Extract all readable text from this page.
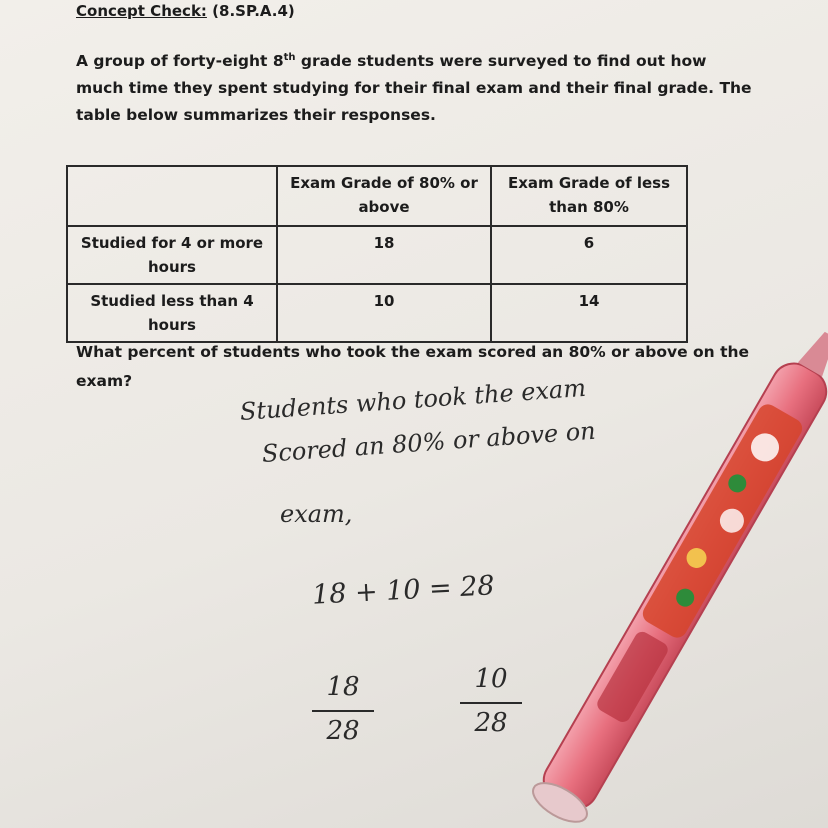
Concept Check: (8.SP.A.4)
A group of forty-eight 8th grade students were surveyed to find out how much time they spent studying for their final exam and their final grade. The table below summarizes their responses.
	Exam Grade of 80% or above	Exam Grade of less than 80%
Studied for 4 or more hours	18	6
Studied less than 4 hours	10	14
What percent of students who took the exam scored an 80% or above on the exam?	Students who took the exam
Scored an 80% or above on
exam,
18 + 10 = 28
18
28
10
28
